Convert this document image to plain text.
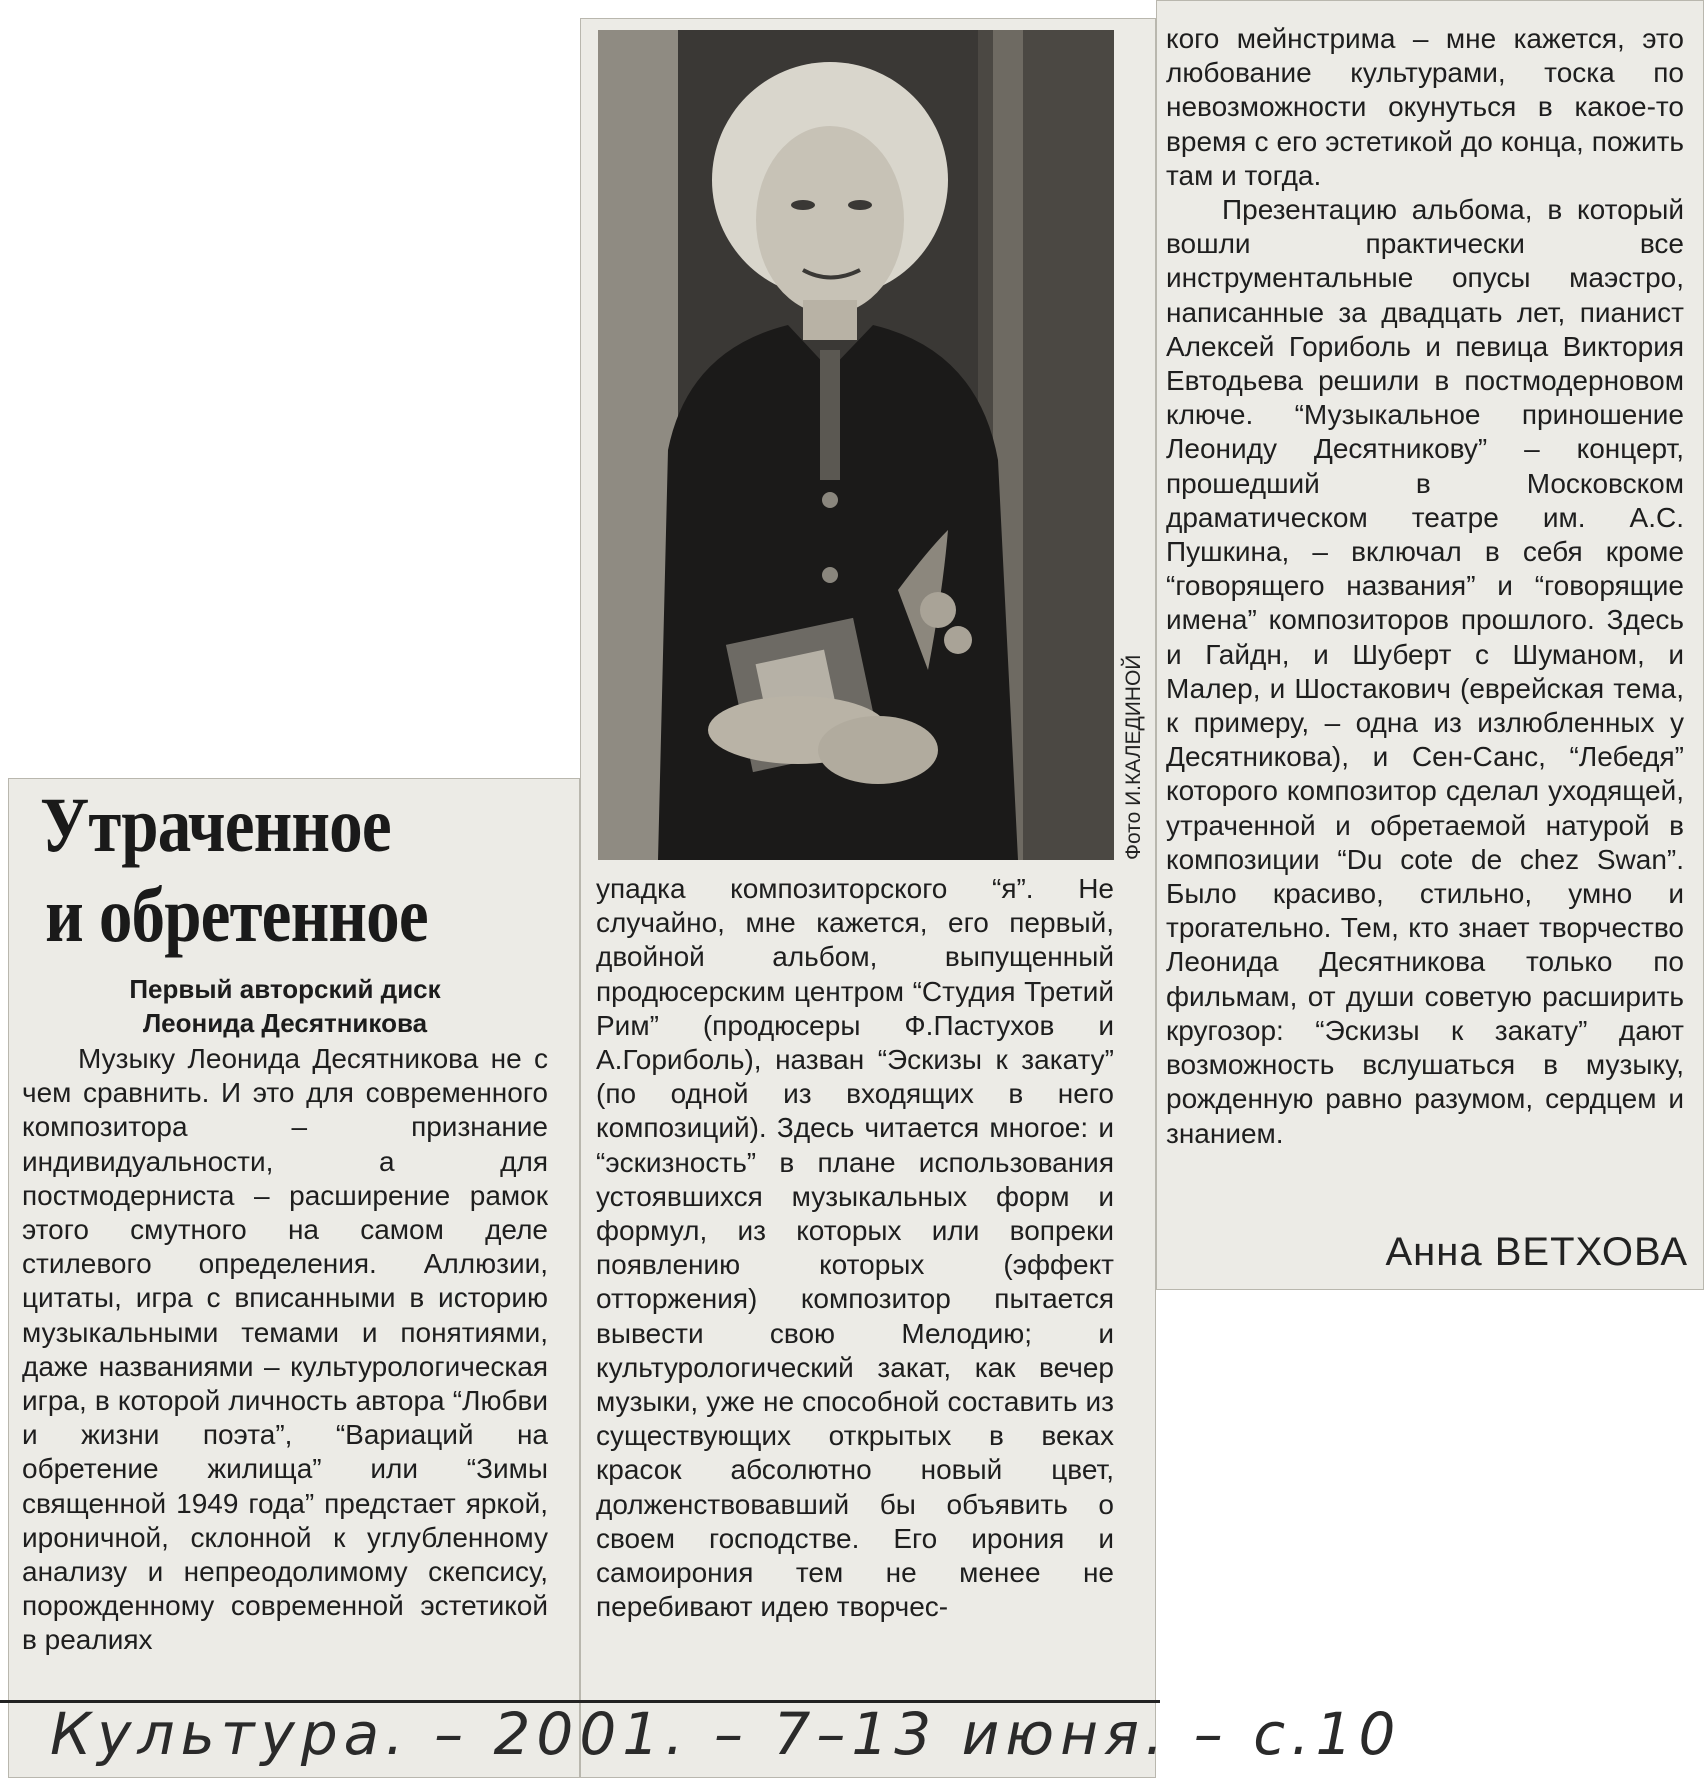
Фото И.КАЛЕДИНОЙ
Утраченное
и обретенное
Первый авторский диск
Леонида Десятникова

Музыку Леонида Десятникова не с чем сравнить. И это для современного композитора – признание индивидуальности, а для постмодерниста – расширение рамок этого смутного на самом деле стилевого определения. Аллюзии, цитаты, игра с вписанными в историю музыкальными темами и понятиями, даже названиями – культурологическая игра, в которой личность автора “Любви и жизни поэта”, “Вариаций на обретение жилища” или “Зимы священной 1949 года” предстает яркой, ироничной, склонной к углубленному анализу и непреодолимому скепсису, порожденному современной эстетикой в реалиях

упадка композиторского “я”. Не случайно, мне кажется, его первый, двойной альбом, выпущенный продюсерским центром “Студия Третий Рим” (продюсеры Ф.Пастухов и А.Гориболь), назван “Эскизы к закату” (по одной из входящих в него композиций). Здесь читается многое: и “эскизность” в плане использования устоявшихся музыкальных форм и формул, из которых или вопреки появлению которых (эффект отторжения) композитор пытается вывести свою Мелодию; и культурологический закат, как вечер музыки, уже не способной составить из существующих открытых в веках красок абсолютно новый цвет, долженствовавший бы объявить о своем господстве. Его ирония и самоирония тем не менее не перебивают идею творчес-

кого мейнстрима – мне кажется, это любование культурами, тоска по невозможности окунуться в какое-то время с его эстетикой до конца, пожить там и тогда.

Презентацию альбома, в который вошли практически все инструментальные опусы маэстро, написанные за двадцать лет, пианист Алексей Гориболь и певица Виктория Евтодьева решили в постмодерновом ключе. “Музыкальное приношение Леониду Десятникову” – концерт, прошедший в Московском драматическом театре им. А.С. Пушкина, – включал в себя кроме “говорящего названия” и “говорящие имена” композиторов прошлого. Здесь и Гайдн, и Шуберт с Шуманом, и Малер, и Шостакович (еврейская тема, к примеру, – одна из излюбленных у Десятникова), и Сен-Санс, “Лебедя” которого композитор сделал уходящей, утраченной и обретаемой натурой в композиции “Du cote de chez Swan”. Было красиво, стильно, умно и трогательно. Тем, кто знает творчество Леонида Десятникова только по фильмам, от души советую расширить кругозор: “Эскизы к закату” дают возможность вслушаться в музыку, рожденную равно разумом, сердцем и знанием.

Анна ВЕТХОВА
Культура. – 2001. – 7–13 июня. – с.10
